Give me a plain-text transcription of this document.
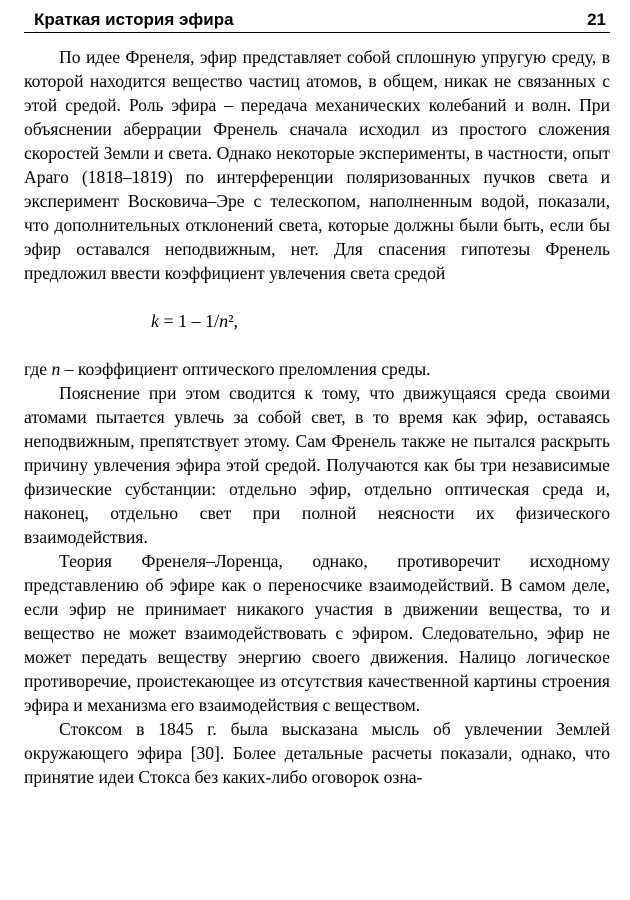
Краткая история эфира	21

По идее Френеля, эфир представляет собой сплошную упругую среду, в которой находится вещество частиц атомов, в общем, никак не связанных с этой средой. Роль эфира – передача механических колебаний и волн. При объяснении аберрации Френель сначала исходил из простого сложения скоростей Земли и света. Однако некоторые эксперименты, в частности, опыт Араго (1818–1819) по интерференции поляризованных пучков света и эксперимент Восковича–Эре с телескопом, наполненным водой, показали, что дополнительных отклонений света, которые должны были быть, если бы эфир оставался неподвижным, нет. Для спасения гипотезы Френель предложил ввести коэффициент увлечения света средой

k = 1 – 1/n²,

где n – коэффициент оптического преломления среды.

Пояснение при этом сводится к тому, что движущаяся среда своими атомами пытается увлечь за собой свет, в то время как эфир, оставаясь неподвижным, препятствует этому. Сам Френель также не пытался раскрыть причину увлечения эфира этой средой. Получаются как бы три независимые физические субстанции: отдельно эфир, отдельно оптическая среда и, наконец, отдельно свет при полной неясности их физического взаимодействия.

Теория Френеля–Лоренца, однако, противоречит исходному представлению об эфире как о переносчике взаимодействий. В самом деле, если эфир не принимает никакого участия в движении вещества, то и вещество не может взаимодействовать с эфиром. Следовательно, эфир не может передать веществу энергию своего движения. Налицо логическое противоречие, проистекающее из отсутствия качественной картины строения эфира и механизма его взаимодействия с веществом.

Стоксом в 1845 г. была высказана мысль об увлечении Землей окружающего эфира [30]. Более детальные расчеты показали, однако, что принятие идеи Стокса без каких-либо оговорок озна-
